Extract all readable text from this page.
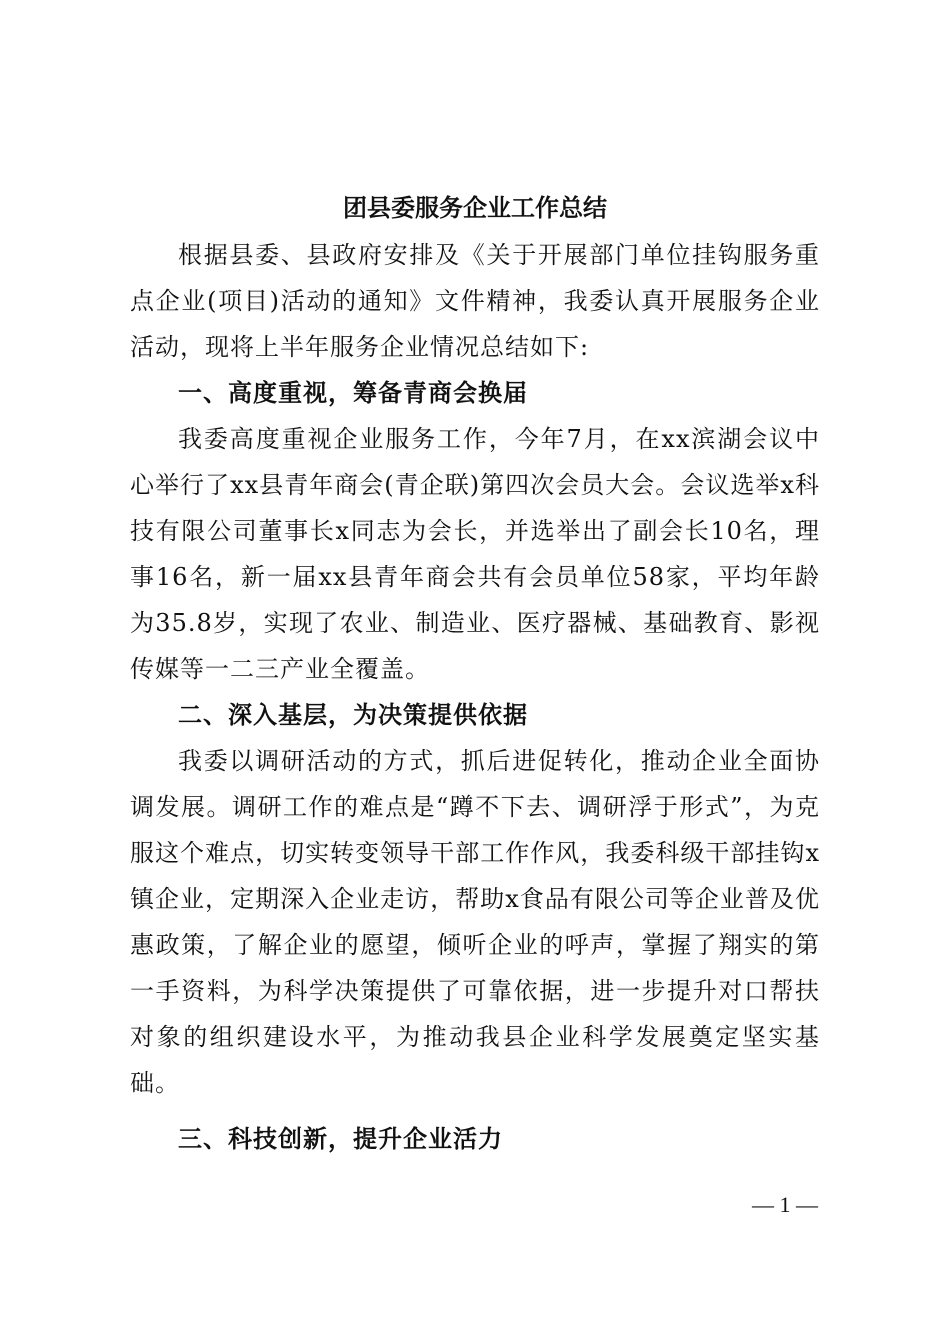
团县委服务企业工作总结

根据县委、县政府安排及《关于开展部门单位挂钩服务重点企业(项目)活动的通知》文件精神，我委认真开展服务企业活动，现将上半年服务企业情况总结如下:

一、高度重视，筹备青商会换届

我委高度重视企业服务工作，今年7月，在xx滨湖会议中心举行了xx县青年商会(青企联)第四次会员大会。会议选举x科技有限公司董事长x同志为会长，并选举出了副会长10名，理事16名，新一届xx县青年商会共有会员单位58家，平均年龄为35.8岁，实现了农业、制造业、医疗器械、基础教育、影视传媒等一二三产业全覆盖。

二、深入基层，为决策提供依据

我委以调研活动的方式，抓后进促转化，推动企业全面协调发展。调研工作的难点是“蹲不下去、调研浮于形式”，为克服这个难点，切实转变领导干部工作作风，我委科级干部挂钩x镇企业，定期深入企业走访，帮助x食品有限公司等企业普及优惠政策，了解企业的愿望，倾听企业的呼声，掌握了翔实的第一手资料，为科学决策提供了可靠依据，进一步提升对口帮扶对象的组织建设水平，为推动我县企业科学发展奠定坚实基础。

三、科技创新，提升企业活力
— 1 —
